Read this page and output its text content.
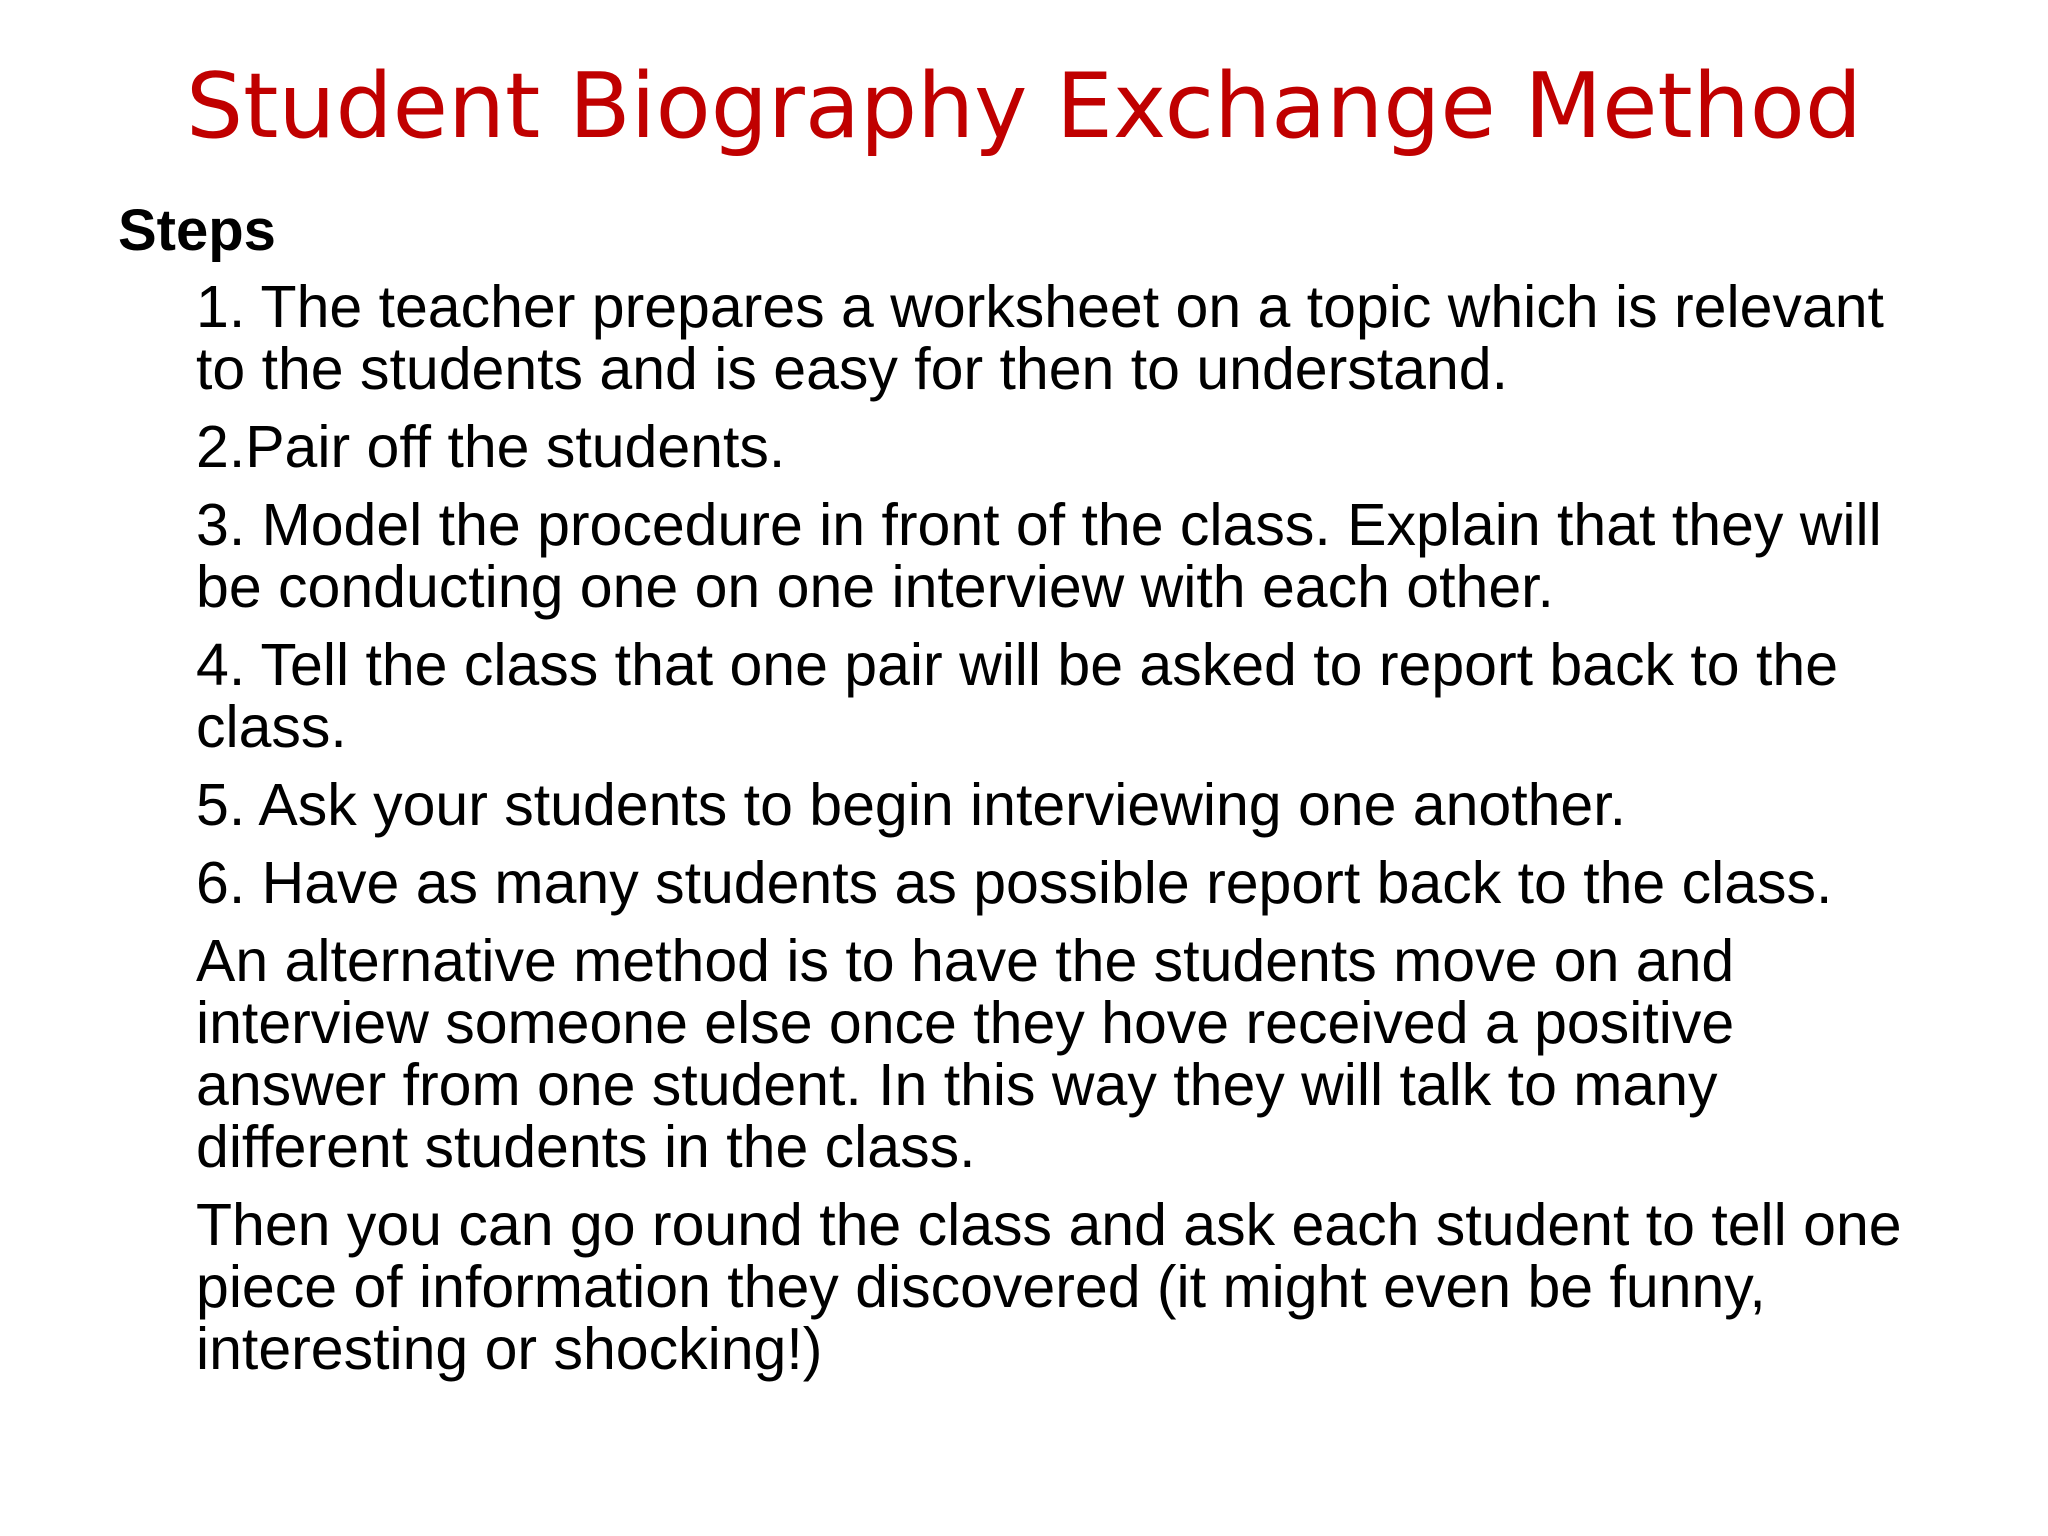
Student Biography Exchange Method
Steps
1. The teacher prepares a worksheet on a topic which is relevant to the students and is easy for then to understand.
2.Pair off the students.
3. Model the procedure in front of the class. Explain that they will be conducting one on one interview with each other.
4. Tell the class that one pair will be asked to report back to the class.
5. Ask your students to begin interviewing one another.
6. Have as many students as possible report back to the class.
An alternative method is to have the students move on and interview someone else once they hove received a positive answer from one student. In this way they will talk to many different students in the class.
Then you can go round the class and ask each student to tell one piece of information they discovered (it might even be funny, interesting or shocking!)
